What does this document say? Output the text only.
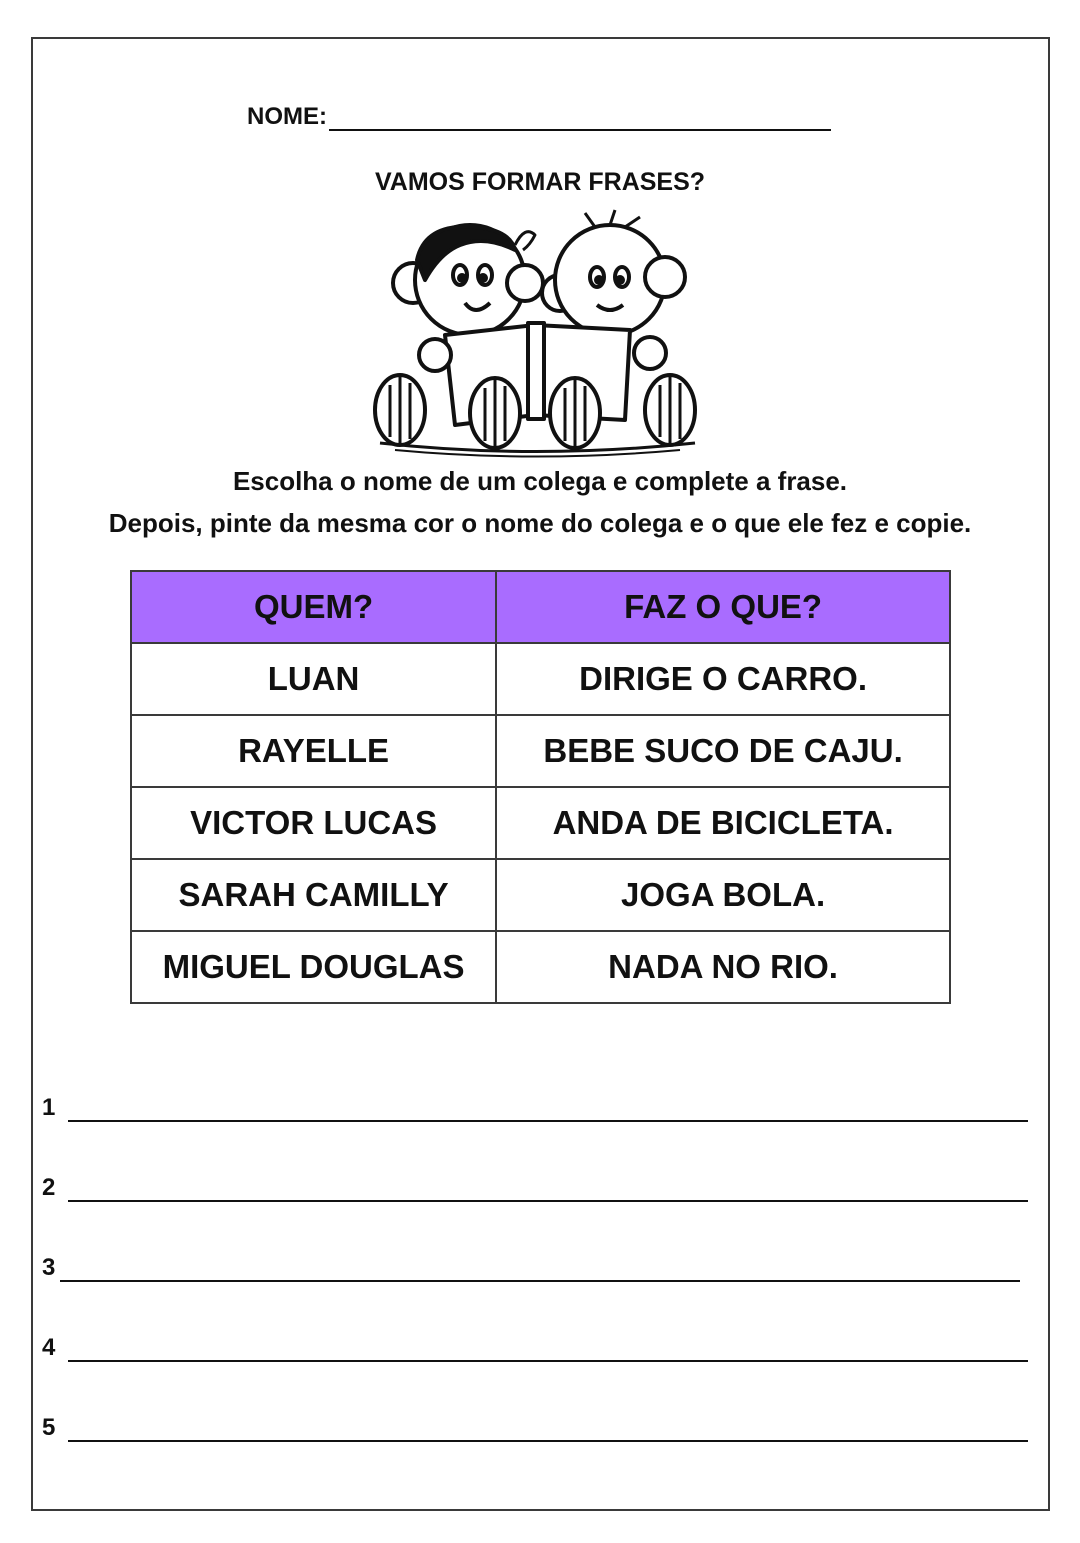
NOME:
VAMOS FORMAR FRASES?
Escolha o nome de um colega e complete a frase.
Depois, pinte da mesma cor o nome do colega e o que ele fez e copie.
QUEM?	FAZ O QUE?
LUAN	DIRIGE O CARRO.
RAYELLE	BEBE SUCO DE CAJU.
VICTOR LUCAS	ANDA DE BICICLETA.
SARAH CAMILLY	JOGA BOLA.
MIGUEL DOUGLAS	NADA NO RIO.
1
2
3
4
5
